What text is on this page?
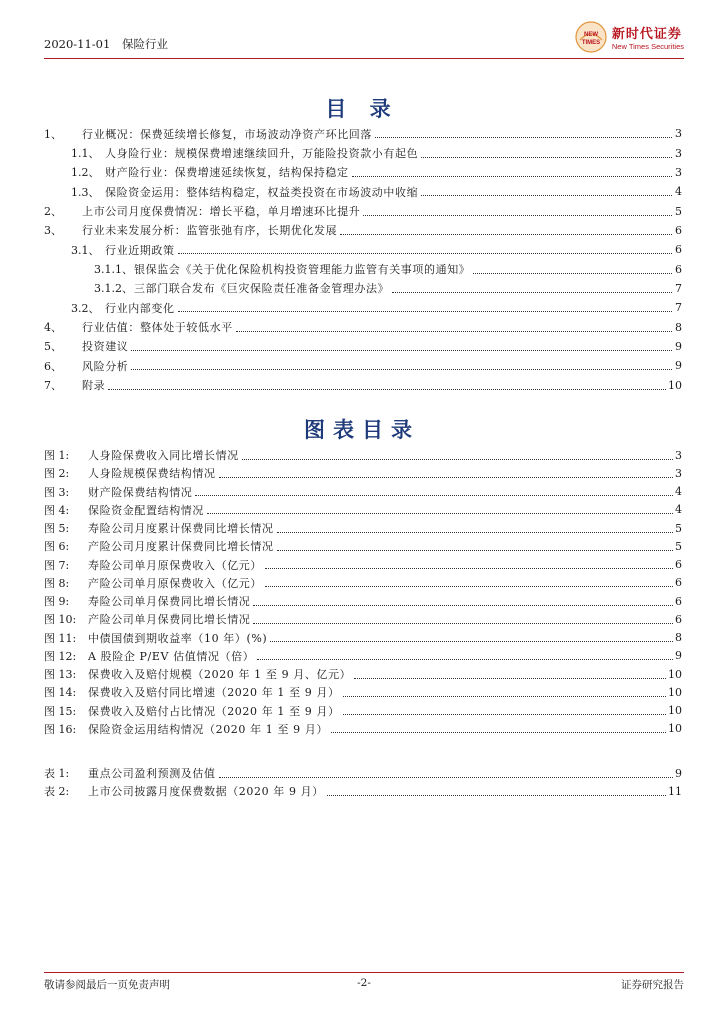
2020-11-01 保险行业
NEW
TIMES
新时代证券
New Times Securities
目 录
1、	行业概况：保费延续增长修复，市场波动净资产环比回落	3
1.1、 人身险行业：规模保费增速继续回升，万能险投资款小有起色	3
1.2、 财产险行业：保费增速延续恢复，结构保持稳定	3
1.3、 保险资金运用：整体结构稳定，权益类投资在市场波动中收缩	4
2、	上市公司月度保费情况：增长平稳，单月增速环比提升	5
3、	行业未来发展分析：监管张弛有序，长期优化发展	6
3.1、 行业近期政策	6
3.1.1、 银保监会《关于优化保险机构投资管理能力监管有关事项的通知》	6
3.1.2、 三部门联合发布《巨灾保险责任准备金管理办法》	7
3.2、 行业内部变化	7
4、	行业估值：整体处于较低水平	8
5、	投资建议	9
6、	风险分析	9
7、	附录	10
图表目录
图 1:	人身险保费收入同比增长情况	3
图 2:	人身险规模保费结构情况	3
图 3:	财产险保费结构情况	4
图 4:	保险资金配置结构情况	4
图 5:	寿险公司月度累计保费同比增长情况	5
图 6:	产险公司月度累计保费同比增长情况	5
图 7:	寿险公司单月原保费收入（亿元）	6
图 8:	产险公司单月原保费收入（亿元）	6
图 9:	寿险公司单月保费同比增长情况	6
图 10:	产险公司单月保费同比增长情况	6
图 11:	中债国债到期收益率（10 年）(%)	8
图 12:	A 股险企 P/EV 估值情况（倍）	9
图 13:	保费收入及赔付规模（2020 年 1 至 9 月、亿元）	10
图 14:	保费收入及赔付同比增速（2020 年 1 至 9 月）	10
图 15:	保费收入及赔付占比情况（2020 年 1 至 9 月）	10
图 16:	保险资金运用结构情况（2020 年 1 至 9 月）	10
表 1:	重点公司盈利预测及估值	9
表 2:	上市公司披露月度保费数据（2020 年 9 月）	11
敬请参阅最后一页免责声明	-2-	证券研究报告
